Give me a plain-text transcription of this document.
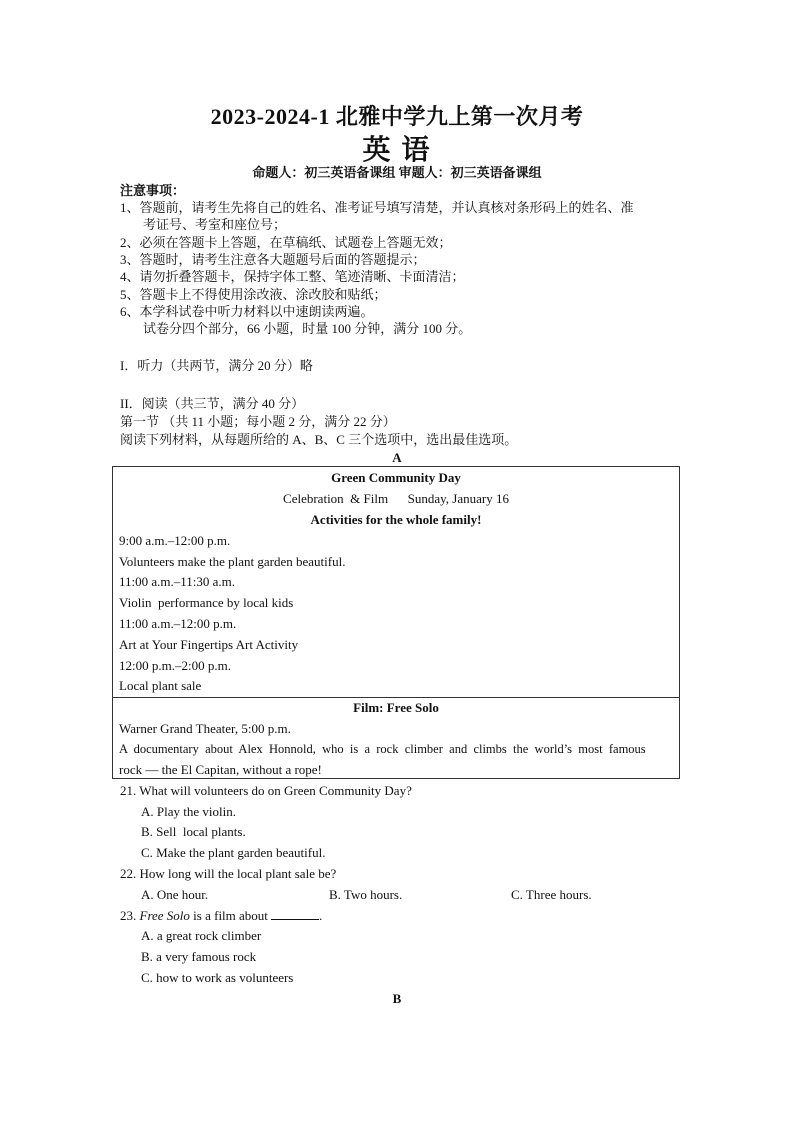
2023-2024-1 北雅中学九上第一次月考
英 语
命题人：初三英语备课组 审题人：初三英语备课组
注意事项：
1、答题前，请考生先将自己的姓名、准考证号填写清楚，并认真核对条形码上的姓名、准
考证号、考室和座位号；
2、必须在答题卡上答题，在草稿纸、试题卷上答题无效；
3、答题时，请考生注意各大题题号后面的答题提示；
4、请勿折叠答题卡，保持字体工整、笔迹清晰、卡面清洁；
5、答题卡上不得使用涂改液、涂改胶和贴纸；
6、本学科试卷中听力材料以中速朗读两遍。
试卷分四个部分，66 小题，时量 100 分钟，满分 100 分。
I．听力（共两节，满分 20 分）略
II．阅读（共三节，满分 40 分）
第一节 （共 11 小题；每小题 2 分，满分 22 分）
阅读下列材料，从每题所给的 A、B、C 三个选项中，选出最佳选项。
A
Green Community Day
Celebration  & Film      Sunday, January 16
Activities for the whole family!
9:00 a.m.–12:00 p.m.
Volunteers make the plant garden beautiful.
11:00 a.m.–11:30 a.m.
Violin  performance by local kids
11:00 a.m.–12:00 p.m.
Art at Your Fingertips Art Activity
12:00 p.m.–2:00 p.m.
Local plant sale
Film: Free Solo
Warner Grand Theater, 5:00 p.m.
A  documentary  about  Alex  Honnold,  who  is  a  rock  climber  and  climbs  the  world’s  most  famous
rock — the El Capitan, without a rope!
21. What will volunteers do on Green Community Day?
A. Play the violin.
B. Sell  local plants.
C. Make the plant garden beautiful.
22. How long will the local plant sale be?
A. One hour.	B. Two hours.	C. Three hours.
23. Free Solo is a film about	.
A. a great rock climber
B. a very famous rock
C. how to work as volunteers
B
